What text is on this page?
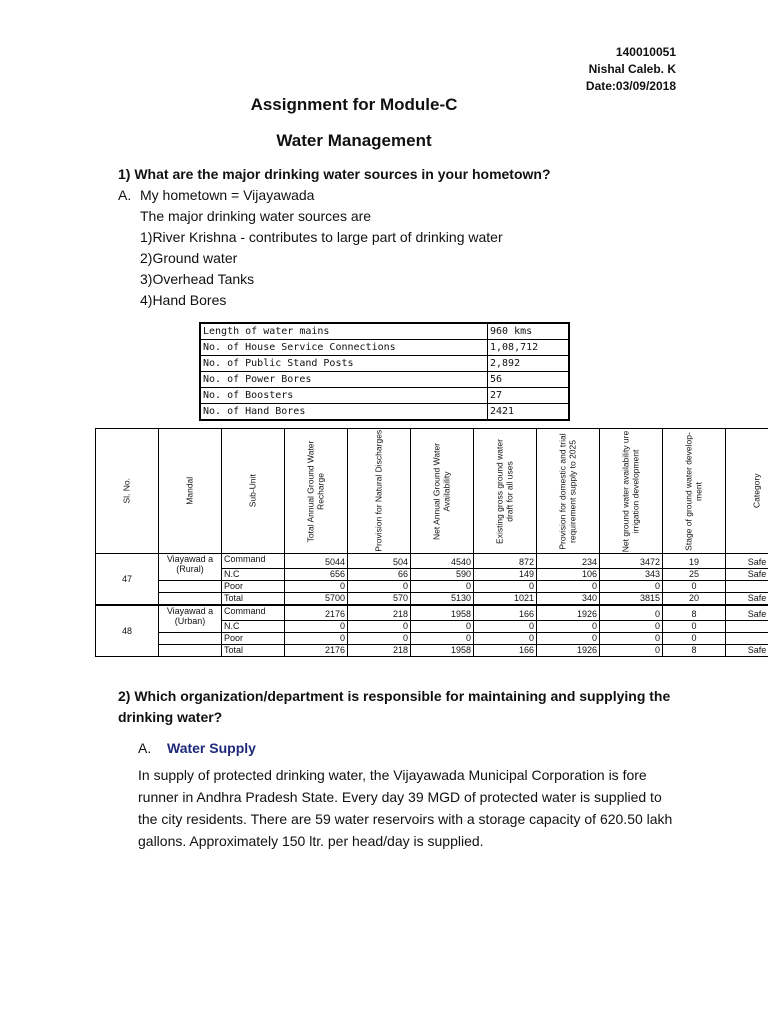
140010051
Nishal Caleb. K
Date:03/09/2018
Assignment for Module-C
Water Management
1) What are the major drinking water sources in your hometown?
A. My hometown = Vijayawada
The major drinking water sources are
1)River Krishna - contributes to large part of drinking water
2)Ground water
3)Overhead Tanks
4)Hand Bores
Length of water mains	960 kms
No. of House Service Connections	1,08,712
No. of Public Stand Posts	2,892
No. of Power Bores	56
No. of Boosters	27
No. of Hand Bores	2421
Sl. No.	Mandal	Sub-Unit	Total Annual Ground Water Recharge	Provision for Natural Discharges	Net Annual Ground Water Availability	Existing gross ground water draft for all uses	Provision for domestic and trial requirement supply to 2025	Net ground water availability ure irrigation development	Stage of ground water develop-ment	Category

47	Viayawad a (Rural)	Command	5044	504	4540	872	234	3472	19	Safe
		N.C	656	66	590	149	106	343	25	Safe
		Poor	0	0	0	0	0	0	0	
		Total	5700	570	5130	1021	340	3815	20	Safe
48	Viayawad a (Urban)	Command	2176	218	1958	166	1926	0	8	Safe
		N.C	0	0	0	0	0	0	0	
		Poor	0	0	0	0	0	0	0	
		Total	2176	218	1958	166	1926	0	8	Safe
2) Which organization/department is responsible for maintaining and supplying the drinking water?
A.	Water Supply
In supply of protected drinking water, the Vijayawada Municipal Corporation is fore runner in Andhra Pradesh State. Every day 39 MGD of protected water is supplied to the city residents. There are 59 water reservoirs with a storage capacity of 620.50 lakh gallons. Approximately 150 ltr. per head/day is supplied.
